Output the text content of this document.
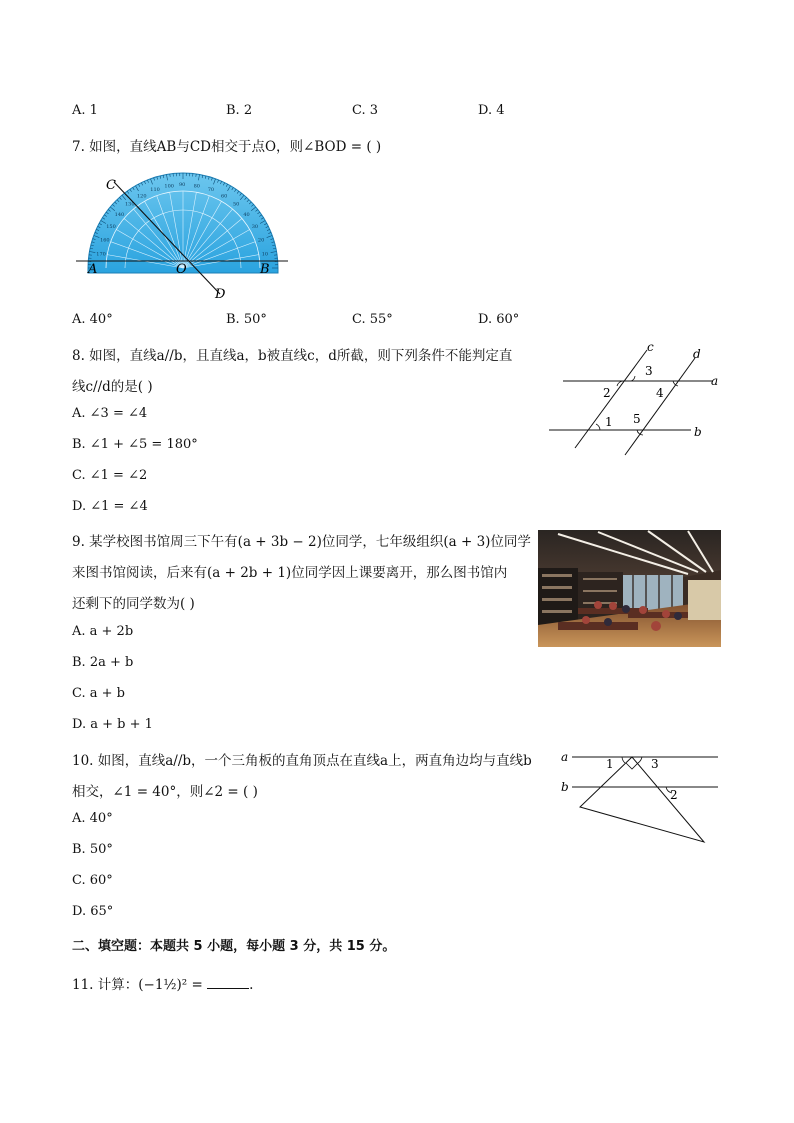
A. 1	B. 2	C. 3	D. 4
7. 如图，直线AB与CD相交于点O，则∠BOD = ( )
10
20
30
40
50
60
70
80
90
100
110
120
130
140
150
160
170
C
A	O	B
D
A. 40°	B. 50°	C. 55°	D. 60°
8. 如图，直线a//b，且直线a，b被直线c，d所截，则下列条件不能判定直
线c//d的是( )
A. ∠3 = ∠4
B. ∠1 + ∠5 = 180°
C. ∠1 = ∠2
D. ∠1 = ∠4
c	d
a
b
3
2	4
1 5
9. 某学校图书馆周三下午有(a + 3b − 2)位同学，七年级组织(a + 3)位同学
来图书馆阅读，后来有(a + 2b + 1)位同学因上课要离开，那么图书馆内
还剩下的同学数为( )
A. a + 2b
B. 2a + b
C. a + b
D. a + b + 1
10. 如图，直线a//b，一个三角板的直角顶点在直线a上，两直角边均与直线b
相交，∠1 = 40°，则∠2 = ( )
A. 40°
B. 50°
C. 60°
D. 65°
a
b
1	3
2
二、填空题：本题共 5 小题，每小题 3 分，共 15 分。
11. 计算：(−1½)² =	.
